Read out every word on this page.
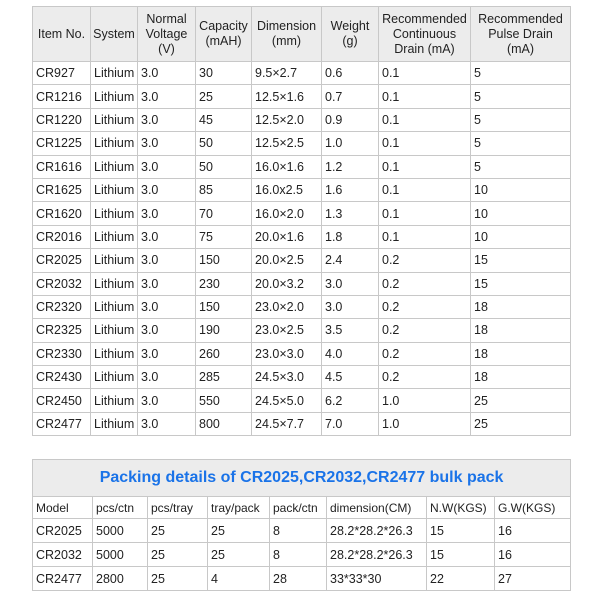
Item No.	System	Normal Voltage (V)	Capacity (mAH)	Dimension (mm)	Weight (g)	Recommended Continuous Drain (mA)	Recommended Pulse Drain (mA)
CR927	Lithium	3.0	30	9.5×2.7	0.6	0.1	5
CR1216	Lithium	3.0	25	12.5×1.6	0.7	0.1	5
CR1220	Lithium	3.0	45	12.5×2.0	0.9	0.1	5
CR1225	Lithium	3.0	50	12.5×2.5	1.0	0.1	5
CR1616	Lithium	3.0	50	16.0×1.6	1.2	0.1	5
CR1625	Lithium	3.0	85	16.0x2.5	1.6	0.1	10
CR1620	Lithium	3.0	70	16.0×2.0	1.3	0.1	10
CR2016	Lithium	3.0	75	20.0×1.6	1.8	0.1	10
CR2025	Lithium	3.0	150	20.0×2.5	2.4	0.2	15
CR2032	Lithium	3.0	230	20.0×3.2	3.0	0.2	15
CR2320	Lithium	3.0	150	23.0×2.0	3.0	0.2	18
CR2325	Lithium	3.0	190	23.0×2.5	3.5	0.2	18
CR2330	Lithium	3.0	260	23.0×3.0	4.0	0.2	18
CR2430	Lithium	3.0	285	24.5×3.0	4.5	0.2	18
CR2450	Lithium	3.0	550	24.5×5.0	6.2	1.0	25
CR2477	Lithium	3.0	800	24.5×7.7	7.0	1.0	25
Packing details of CR2025,CR2032,CR2477 bulk pack							
Model	pcs/ctn	pcs/tray	tray/pack	pack/ctn	dimension(CM)	N.W(KGS)	G.W(KGS)
CR2025	5000	25	25	8	28.2*28.2*26.3	15	16
CR2032	5000	25	25	8	28.2*28.2*26.3	15	16
CR2477	2800	25	4	28	33*33*30	22	27
